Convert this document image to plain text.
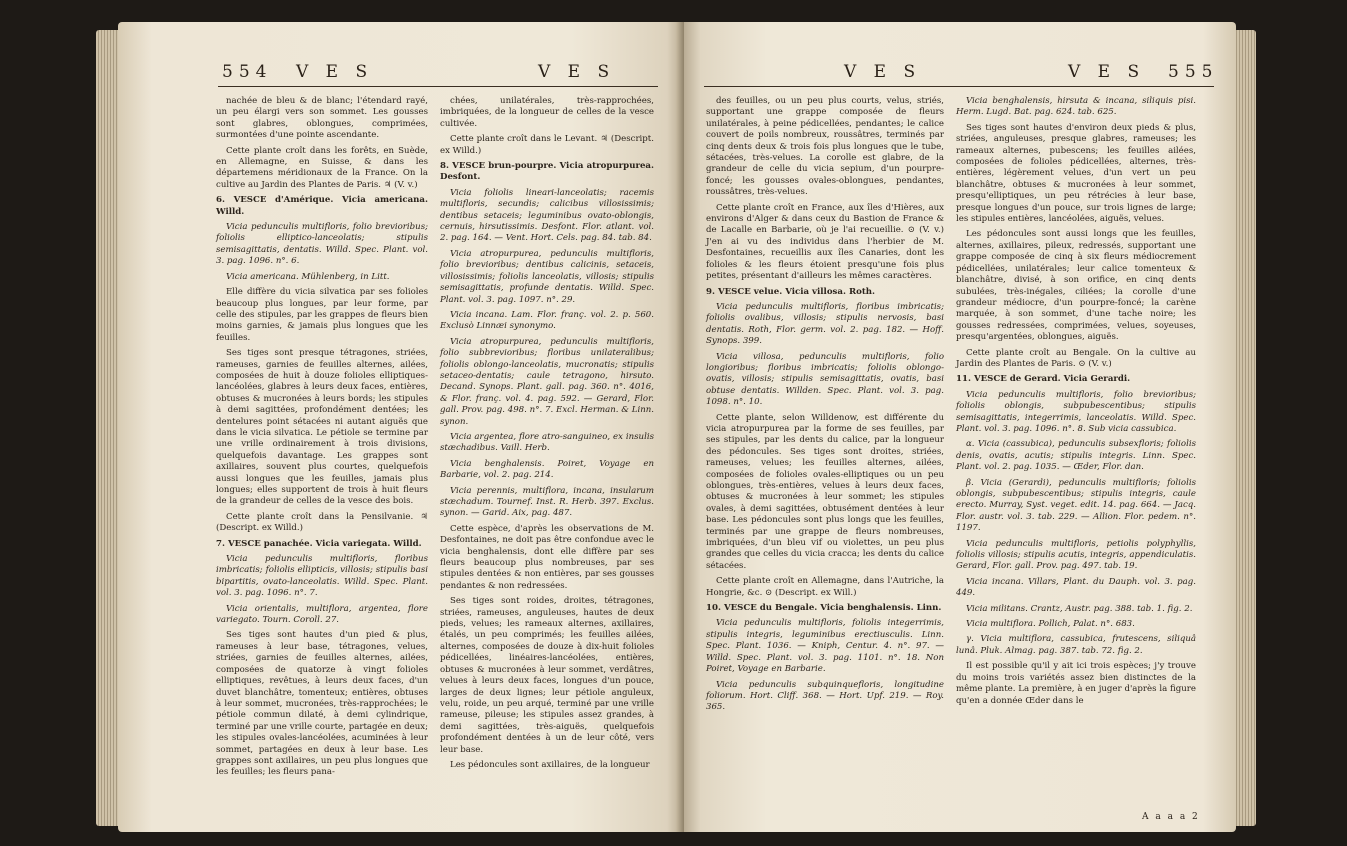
554 V E S	V E S

nachée de bleu & de blanc; l'étendard rayé, un peu élargi vers son sommet. Les gousses sont glabres, oblongues, comprimées, surmontées d'une pointe ascendante.

Cette plante croît dans les forêts, en Suède, en Allemagne, en Suisse, & dans les départemens méridionaux de la France. On la cultive au Jardin des Plantes de Paris. ♃ (V. v.)

6. VESCE d'Amérique. Vicia americana. Willd.

Vicia pedunculis multifloris, folio brevioribus; foliolis elliptico-lanceolatis; stipulis semisagittatis, dentatis. Willd. Spec. Plant. vol. 3. pag. 1096. n°. 6.

Vicia americana. Mühlenberg, in Litt.

Elle diffère du vicia silvatica par ses folioles beaucoup plus longues, par leur forme, par celle des stipules, par les grappes de fleurs bien moins garnies, & jamais plus longues que les feuilles.

Ses tiges sont presque tétragones, striées, rameuses, garnies de feuilles alternes, ailées, composées de huit à douze folioles elliptiques-lancéolées, glabres à leurs deux faces, entières, obtuses & mucronées à leurs bords; les stipules à demi sagittées, profondément dentées; les dentelures point sétacées ni autant aiguës que dans le vicia silvatica. Le pétiole se termine par une vrille ordinairement à trois divisions, quelquefois davantage. Les grappes sont axillaires, souvent plus courtes, quelquefois aussi longues que les feuilles, jamais plus longues; elles supportent de trois à huit fleurs de la grandeur de celles de la vesce des bois.

Cette plante croît dans la Pensilvanie. ♃ (Descript. ex Willd.)

7. VESCE panachée. Vicia variegata. Willd.

Vicia pedunculis multifloris, floribus imbricatis; foliolis ellipticis, villosis; stipulis basi bipartitis, ovato-lanceolatis. Willd. Spec. Plant. vol. 3. pag. 1096. n°. 7.

Vicia orientalis, multiflora, argentea, flore variegato. Tourn. Coroll. 27.

Ses tiges sont hautes d'un pied & plus, rameuses à leur base, tétragones, velues, striées, garnies de feuilles alternes, ailées, composées de quatorze à vingt folioles elliptiques, revêtues, à leurs deux faces, d'un duvet blanchâtre, tomenteux; entières, obtuses à leur sommet, mucronées, très-rapprochées; le pétiole commun dilaté, à demi cylindrique, terminé par une vrille courte, partagée en deux; les stipules ovales-lancéolées, acuminées à leur sommet, partagées en deux à leur base. Les grappes sont axillaires, un peu plus longues que les feuilles; les fleurs pana-

chées, unilatérales, très-rapprochées, imbriquées, de la longueur de celles de la vesce cultivée.

Cette plante croît dans le Levant. ♃ (Descript. ex Willd.)

8. VESCE brun-pourpre. Vicia atropurpurea. Desfont.

Vicia foliolis lineari-lanceolatis; racemis multifloris, secundis; calicibus villosissimis; dentibus setaceis; leguminibus ovato-oblongis, cernuis, hirsutissimis. Desfont. Flor. atlant. vol. 2. pag. 164. — Vent. Hort. Cels. pag. 84. tab. 84.

Vicia atropurpurea, pedunculis multifloris, folio brevioribus; dentibus calicinis, setaceis, villosissimis; foliolis lanceolatis, villosis; stipulis semisagittatis, profunde dentatis. Willd. Spec. Plant. vol. 3. pag. 1097. n°. 29.

Vicia incana. Lam. Flor. franç. vol. 2. p. 560. Exclusò Linnæi synonymo.

Vicia atropurpurea, pedunculis multifloris, folio subbrevioribus; floribus unilateralibus; foliolis oblongo-lanceolatis, mucronatis; stipulis setaceo-dentatis; caule tetragono, hirsuto. Decand. Synops. Plant. gall. pag. 360. n°. 4016, & Flor. franç. vol. 4. pag. 592. — Gerard, Flor. gall. Prov. pag. 498. n°. 7. Excl. Herman. & Linn. synon.

Vicia argentea, flore atro-sanguineo, ex insulis stæchadibus. Vaill. Herb.

Vicia benghalensis. Poiret, Voyage en Barbarie, vol. 2. pag. 214.

Vicia perennis, multiflora, incana, insularum stæchadum. Tournef. Inst. R. Herb. 397. Exclus. synon. — Garid. Aix, pag. 487.

Cette espèce, d'après les observations de M. Desfontaines, ne doit pas être confondue avec le vicia benghalensis, dont elle diffère par ses fleurs beaucoup plus nombreuses, par ses stipules dentées & non entières, par ses gousses pendantes & non redressées.

Ses tiges sont roides, droites, tétragones, striées, rameuses, anguleuses, hautes de deux pieds, velues; les rameaux alternes, axillaires, étalés, un peu comprimés; les feuilles ailées, alternes, composées de douze à dix-huit folioles pédicellées, linéaires-lancéolées, entières, obtuses & mucronées à leur sommet, verdâtres, velues à leurs deux faces, longues d'un pouce, larges de deux lignes; leur pétiole anguleux, velu, roide, un peu arqué, terminé par une vrille rameuse, pileuse; les stipules assez grandes, à demi sagittées, très-aiguës, quelquefois profondément dentées à un de leur côté, vers leur base.

Les pédoncules sont axillaires, de la longueur

V E S	V E S 555

des feuilles, ou un peu plus courts, velus, striés, supportant une grappe composée de fleurs unilatérales, à peine pédicellées, pendantes; le calice couvert de poils nombreux, roussâtres, terminés par cinq dents deux & trois fois plus longues que le tube, sétacées, très-velues. La corolle est glabre, de la grandeur de celle du vicia sepium, d'un pourpre-foncé; les gousses ovales-oblongues, pendantes, roussâtres, très-velues.

Cette plante croît en France, aux îles d'Hières, aux environs d'Alger & dans ceux du Bastion de France & de Lacalle en Barbarie, où je l'ai recueillie. ⊙ (V. v.) J'en ai vu des individus dans l'herbier de M. Desfontaines, recueillis aux îles Canaries, dont les folioles & les fleurs étoient presqu'une fois plus petites, présentant d'ailleurs les mêmes caractères.

9. VESCE velue. Vicia villosa. Roth.

Vicia pedunculis multifloris, floribus imbricatis; foliolis ovalibus, villosis; stipulis nervosis, basi dentatis. Roth, Flor. germ. vol. 2. pag. 182. — Hoff. Synops. 399.

Vicia villosa, pedunculis multifloris, folio longioribus; floribus imbricatis; foliolis oblongo-ovatis, villosis; stipulis semisagittatis, ovatis, basi obtuse dentatis. Willden. Spec. Plant. vol. 3. pag. 1098. n°. 10.

Cette plante, selon Willdenow, est différente du vicia atropurpurea par la forme de ses feuilles, par ses stipules, par les dents du calice, par la longueur des pédoncules. Ses tiges sont droites, striées, rameuses, velues; les feuilles alternes, ailées, composées de folioles ovales-elliptiques ou un peu oblongues, très-entières, velues à leurs deux faces, obtuses & mucronées à leur sommet; les stipules ovales, à demi sagittées, obtusément dentées à leur base. Les pédoncules sont plus longs que les feuilles, terminés par une grappe de fleurs nombreuses, imbriquées, d'un bleu vif ou violettes, un peu plus grandes que celles du vicia cracca; les dents du calice sétacées.

Cette plante croît en Allemagne, dans l'Autriche, la Hongrie, &c. ⊙ (Descript. ex Will.)

10. VESCE du Bengale. Vicia benghalensis. Linn.

Vicia pedunculis multifloris, foliolis integerrimis, stipulis integris, leguminibus erectiusculis. Linn. Spec. Plant. 1036. — Kniph, Centur. 4. n°. 97. — Willd. Spec. Plant. vol. 3. pag. 1101. n°. 18. Non Poiret, Voyage en Barbarie.

Vicia pedunculis subquinquefloris, longitudine foliorum. Hort. Cliff. 368. — Hort. Upf. 219. — Roy. 365.

Vicia benghalensis, hirsuta & incana, siliquis pisi. Herm. Lugd. Bat. pag. 624. tab. 625.

Ses tiges sont hautes d'environ deux pieds & plus, striées, anguleuses, presque glabres, rameuses; les rameaux alternes, pubescens; les feuilles ailées, composées de folioles pédicellées, alternes, très-entières, légèrement velues, d'un vert un peu blanchâtre, obtuses & mucronées à leur sommet, presqu'elliptiques, un peu rétrécies à leur base, presque longues d'un pouce, sur trois lignes de large; les stipules entières, lancéolées, aiguës, velues.

Les pédoncules sont aussi longs que les feuilles, alternes, axillaires, pileux, redressés, supportant une grappe composée de cinq à six fleurs médiocrement pédicellées, unilatérales; leur calice tomenteux & blanchâtre, divisé, à son orifice, en cinq dents subulées, très-inégales, ciliées; la corolle d'une grandeur médiocre, d'un pourpre-foncé; la carène marquée, à son sommet, d'une tache noire; les gousses redressées, comprimées, velues, soyeuses, presqu'argentées, oblongues, aiguës.

Cette plante croît au Bengale. On la cultive au Jardin des Plantes de Paris. ⊙ (V. v.)

11. VESCE de Gerard. Vicia Gerardi.

Vicia pedunculis multifloris, folio brevioribus; foliolis oblongis, subpubescentibus; stipulis semisagittatis, integerrimis, lanceolatis. Willd. Spec. Plant. vol. 3. pag. 1096. n°. 8. Sub vicia cassubica.

α. Vicia (cassubica), pedunculis subsexfloris; foliolis denis, ovatis, acutis; stipulis integris. Linn. Spec. Plant. vol. 2. pag. 1035. — Œder, Flor. dan.

β. Vicia (Gerardi), pedunculis multifloris; foliolis oblongis, subpubescentibus; stipulis integris, caule erecto. Murray, Syst. veget. edit. 14. pag. 664. — Jacq. Flor. austr. vol. 3. tab. 229. — Allion. Flor. pedem. n°. 1197.

Vicia pedunculis multifloris, petiolis polyphyllis, foliolis villosis; stipulis acutis, integris, appendiculatis. Gerard, Flor. gall. Prov. pag. 497. tab. 19.

Vicia incana. Villars, Plant. du Dauph. vol. 3. pag. 449.

Vicia militans. Crantz, Austr. pag. 388. tab. 1. fig. 2.

Vicia multiflora. Pollich, Palat. n°. 683.

γ. Vicia multiflora, cassubica, frutescens, siliquâ lunâ. Pluk. Almag. pag. 387. tab. 72. fig. 2.

Il est possible qu'il y ait ici trois espèces; j'y trouve du moins trois variétés assez bien distinctes de la même plante. La première, à en juger d'après la figure qu'en a donnée Œder dans le

A a a a 2
